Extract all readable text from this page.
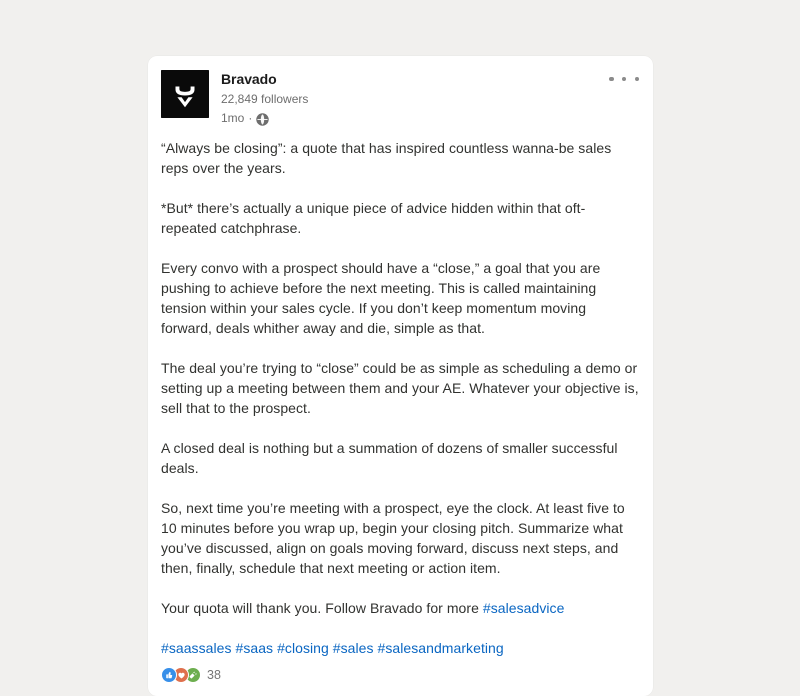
Bravado
22,849 followers
1mo ·

“Always be closing”: a quote that has inspired countless wanna-be sales reps over the years.

*But* there’s actually a unique piece of advice hidden within that oft-repeated catchphrase.

Every convo with a prospect should have a “close,” a goal that you are pushing to achieve before the next meeting. This is called maintaining tension within your sales cycle. If you don’t keep momentum moving forward, deals whither away and die, simple as that.

The deal you’re trying to “close” could be as simple as scheduling a demo or setting up a meeting between them and your AE. Whatever your objective is, sell that to the prospect.

A closed deal is nothing but a summation of dozens of smaller successful deals.

So, next time you’re meeting with a prospect, eye the clock. At least five to 10 minutes before you wrap up, begin your closing pitch. Summarize what you’ve discussed, align on goals moving forward, discuss next steps, and then, finally, schedule that next meeting or action item.

Your quota will thank you. Follow Bravado for more #salesadvice

#saassales #saas #closing #sales #salesandmarketing
38
